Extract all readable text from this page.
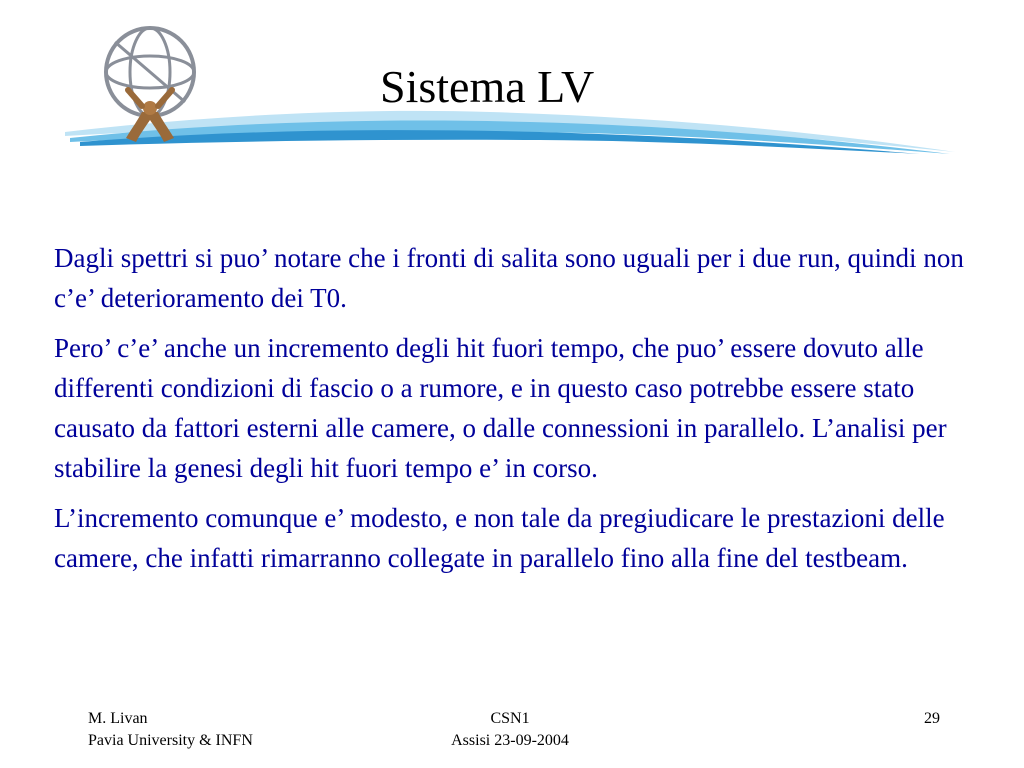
Sistema LV

Dagli spettri si puo’ notare che i fronti di salita sono uguali per i due run, quindi non c’e’ deterioramento dei T0.

Pero’ c’e’ anche un incremento degli hit fuori tempo, che puo’ essere dovuto alle differenti condizioni di fascio o a rumore, e in questo caso potrebbe essere stato causato da fattori esterni alle camere, o dalle connessioni in parallelo. L’analisi per stabilire la genesi degli hit fuori tempo e’ in corso.

L’incremento comunque e’ modesto, e non tale da pregiudicare le prestazioni delle camere, che infatti rimarranno collegate in parallelo fino alla fine del testbeam.

M. Livan
Pavia University & INFN
CSN1
Assisi 23-09-2004
29
